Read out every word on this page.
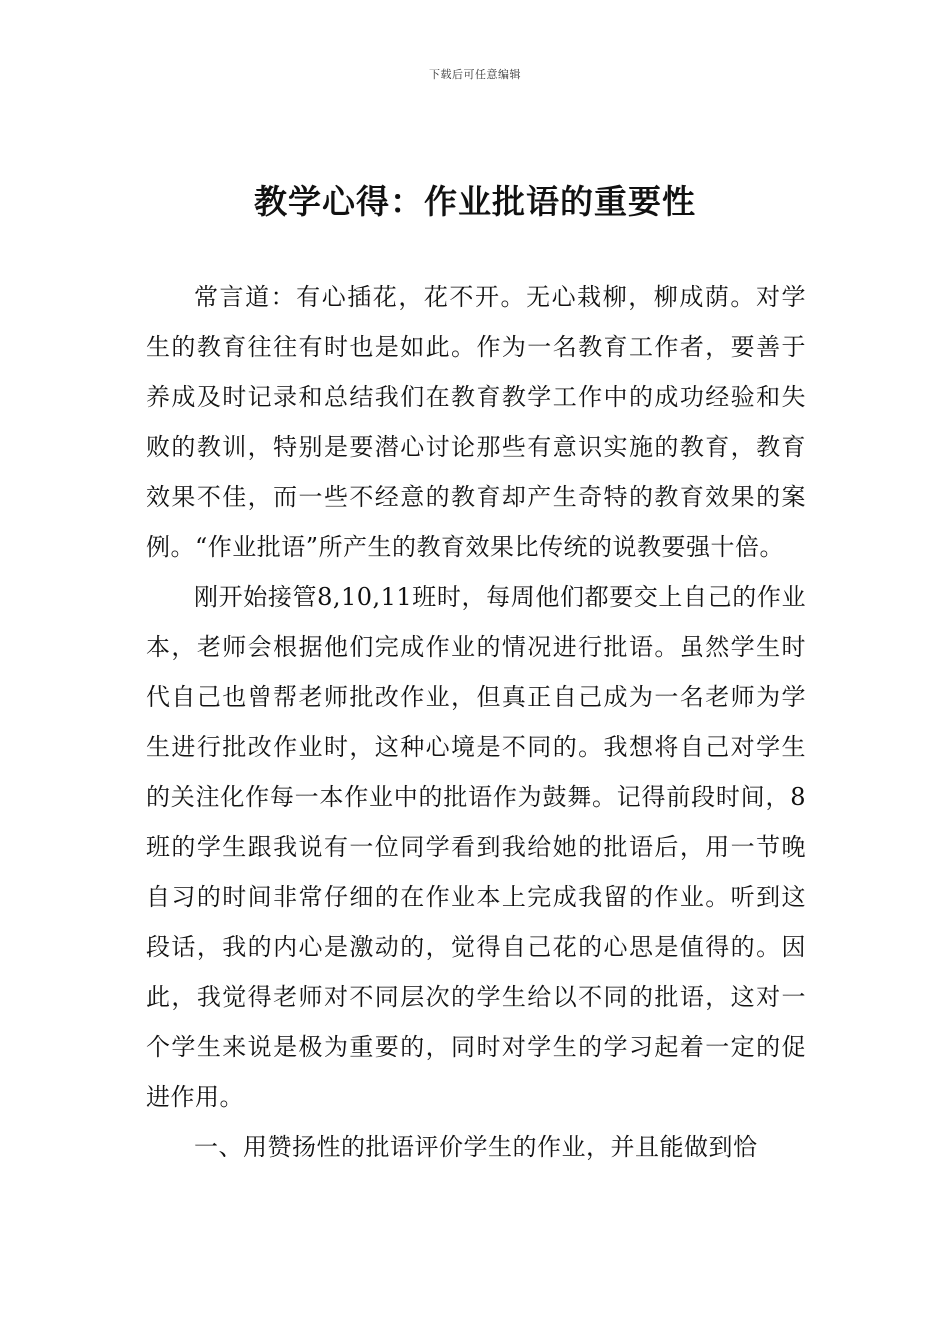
下载后可任意编辑
教学心得：作业批语的重要性

常言道：有心插花，花不开。无心栽柳，柳成荫。对学生的教育往往有时也是如此。作为一名教育工作者，要善于养成及时记录和总结我们在教育教学工作中的成功经验和失败的教训，特别是要潜心讨论那些有意识实施的教育，教育效果不佳，而一些不经意的教育却产生奇特的教育效果的案例。“作业批语”所产生的教育效果比传统的说教要强十倍。

刚开始接管8,10,11班时，每周他们都要交上自己的作业本，老师会根据他们完成作业的情况进行批语。虽然学生时代自己也曾帮老师批改作业，但真正自己成为一名老师为学生进行批改作业时，这种心境是不同的。我想将自己对学生的关注化作每一本作业中的批语作为鼓舞。记得前段时间，8班的学生跟我说有一位同学看到我给她的批语后，用一节晚自习的时间非常仔细的在作业本上完成我留的作业。听到这段话，我的内心是激动的，觉得自己花的心思是值得的。因此，我觉得老师对不同层次的学生给以不同的批语，这对一个学生来说是极为重要的，同时对学生的学习起着一定的促进作用。

一、用赞扬性的批语评价学生的作业，并且能做到恰
